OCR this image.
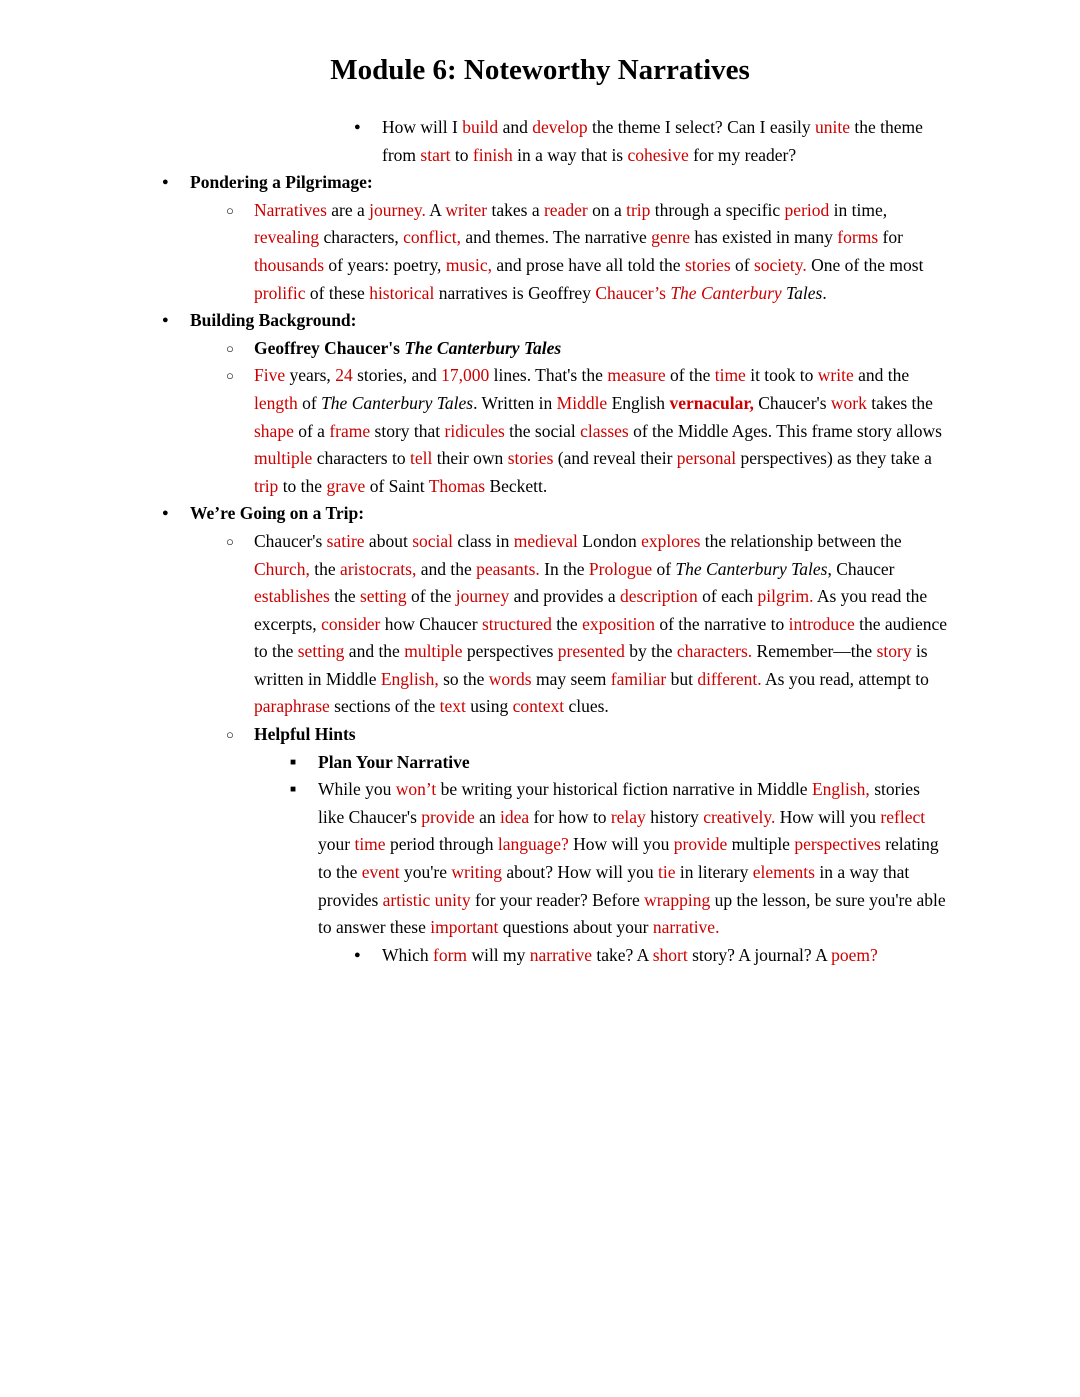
Module 6: Noteworthy Narratives
●	How will I build and develop the theme I select? Can I easily unite the theme from start to finish in a way that is cohesive for my reader?
●	Pondering a Pilgrimage:
○	Narratives are a journey. A writer takes a reader on a trip through a specific period in time, revealing characters, conflict, and themes. The narrative genre has existed in many forms for thousands of years: poetry, music, and prose have all told the stories of society. One of the most prolific of these historical narratives is Geoffrey Chaucer’s The Canterbury Tales.
●	Building Background:
○	Geoffrey Chaucer's The Canterbury Tales
○	Five years, 24 stories, and 17,000 lines. That's the measure of the time it took to write and the length of The Canterbury Tales. Written in Middle English vernacular, Chaucer's work takes the shape of a frame story that ridicules the social classes of the Middle Ages. This frame story allows multiple characters to tell their own stories (and reveal their personal perspectives) as they take a trip to the grave of Saint Thomas Beckett.
●	We’re Going on a Trip:
○	Chaucer's satire about social class in medieval London explores the relationship between the Church, the aristocrats, and the peasants. In the Prologue of The Canterbury Tales, Chaucer establishes the setting of the journey and provides a description of each pilgrim. As you read the excerpts, consider how Chaucer structured the exposition of the narrative to introduce the audience to the setting and the multiple perspectives presented by the characters. Remember—the story is written in Middle English, so the words may seem familiar but different. As you read, attempt to paraphrase sections of the text using context clues.
○	Helpful Hints
■	Plan Your Narrative
■	While you won’t be writing your historical fiction narrative in Middle English, stories like Chaucer's provide an idea for how to relay history creatively. How will you reflect your time period through language? How will you provide multiple perspectives relating to the event you're writing about? How will you tie in literary elements in a way that provides artistic unity for your reader? Before wrapping up the lesson, be sure you're able to answer these important questions about your narrative.
●	Which form will my narrative take? A short story? A journal? A poem?
